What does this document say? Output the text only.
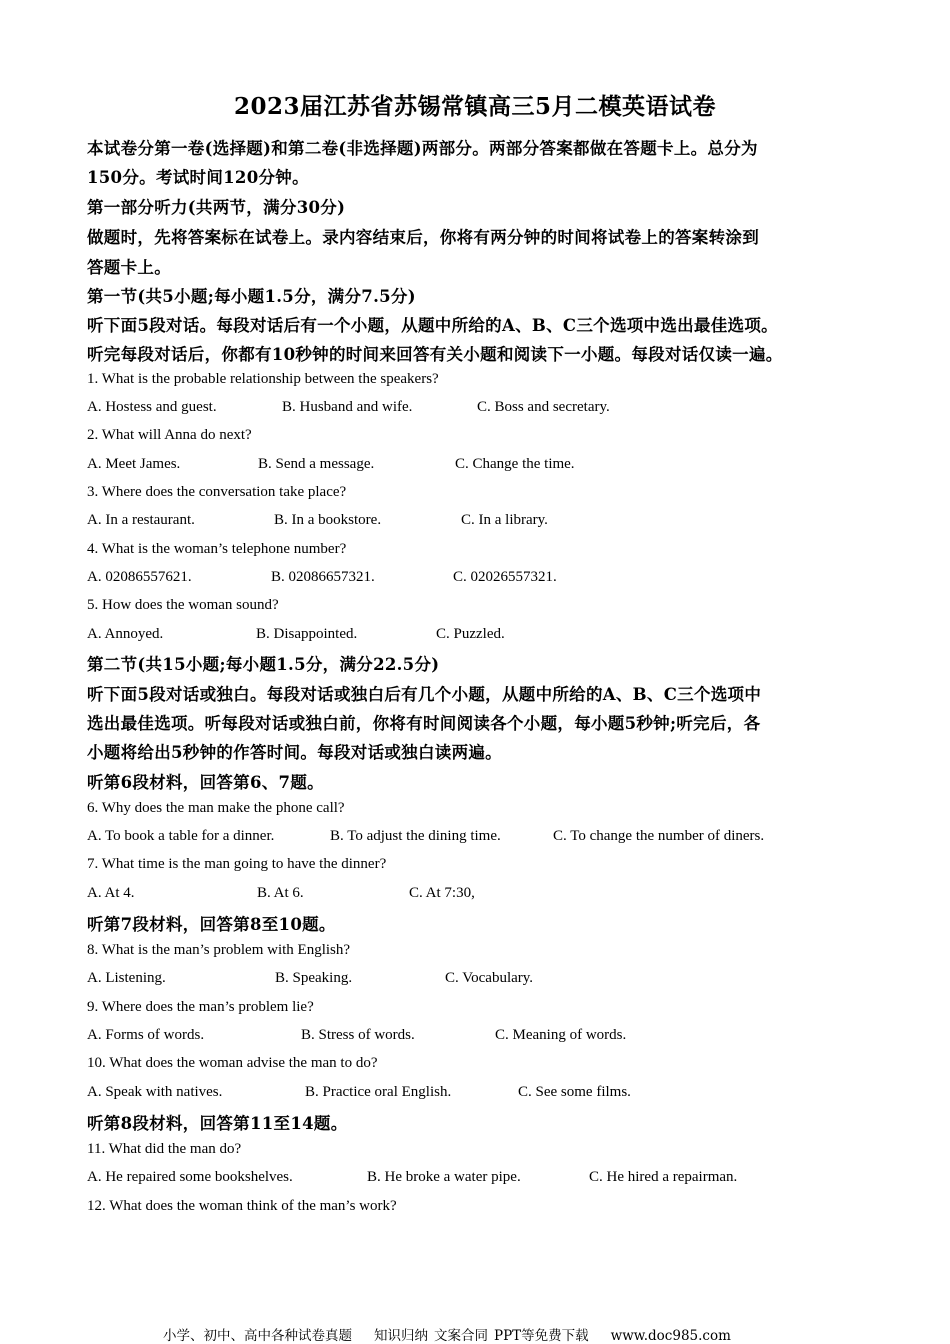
2023届江苏省苏锡常镇高三5月二模英语试卷
本试卷分第一卷(选择题)和第二卷(非选择题)两部分。两部分答案都做在答题卡上。总分为
150分。考试时间120分钟。
第一部分听力(共两节，满分30分)
做题时，先将答案标在试卷上。录内容结束后，你将有两分钟的时间将试卷上的答案转涂到
答题卡上。
第一节(共5小题;每小题1.5分，满分7.5分)
听下面5段对话。每段对话后有一个小题，从题中所给的A、B、C三个选项中选出最佳选项。
听完每段对话后，你都有10秒钟的时间来回答有关小题和阅读下一小题。每段对话仅读一遍。
1. What is the probable relationship between the speakers?
A. Hostess and guest.	B. Husband and wife.	C. Boss and secretary.
2. What will Anna do next?
A. Meet James.	B. Send a message.	C. Change the time.
3. Where does the conversation take place?
A. In a restaurant.	B. In a bookstore.	C. In a library.
4. What is the woman’s telephone number?
A. 02086557621.	B. 02086657321.	C. 02026557321.
5. How does the woman sound?
A. Annoyed.	B. Disappointed.	C. Puzzled.
第二节(共15小题;每小题1.5分，满分22.5分)
听下面5段对话或独白。每段对话或独白后有几个小题，从题中所给的A、B、C三个选项中
选出最佳选项。听每段对话或独白前，你将有时间阅读各个小题，每小题5秒钟;听完后，各
小题将给出5秒钟的作答时间。每段对话或独白读两遍。
听第6段材料，回答第6、7题。
6. Why does the man make the phone call?
A. To book a table for a dinner.	B. To adjust the dining time.	C. To change the number of diners.
7. What time is the man going to have the dinner?
A. At 4.	B. At 6.	C. At 7:30,
听第7段材料，回答第8至10题。
8. What is the man’s problem with English?
A. Listening.	B. Speaking.	C. Vocabulary.
9. Where does the man’s problem lie?
A. Forms of words.	B. Stress of words.	C. Meaning of words.
10. What does the woman advise the man to do?
A. Speak with natives.	B. Practice oral English.	C. See some films.
听第8段材料，回答第11至14题。
11. What did the man do?
A. He repaired some bookshelves.	B. He broke a water pipe.	C. He hired a repairman.
12. What does the woman think of the man’s work?
小学、初中、高中各种试卷真题 知识归纳 文案合同 PPT等免费下载 www.doc985.com
